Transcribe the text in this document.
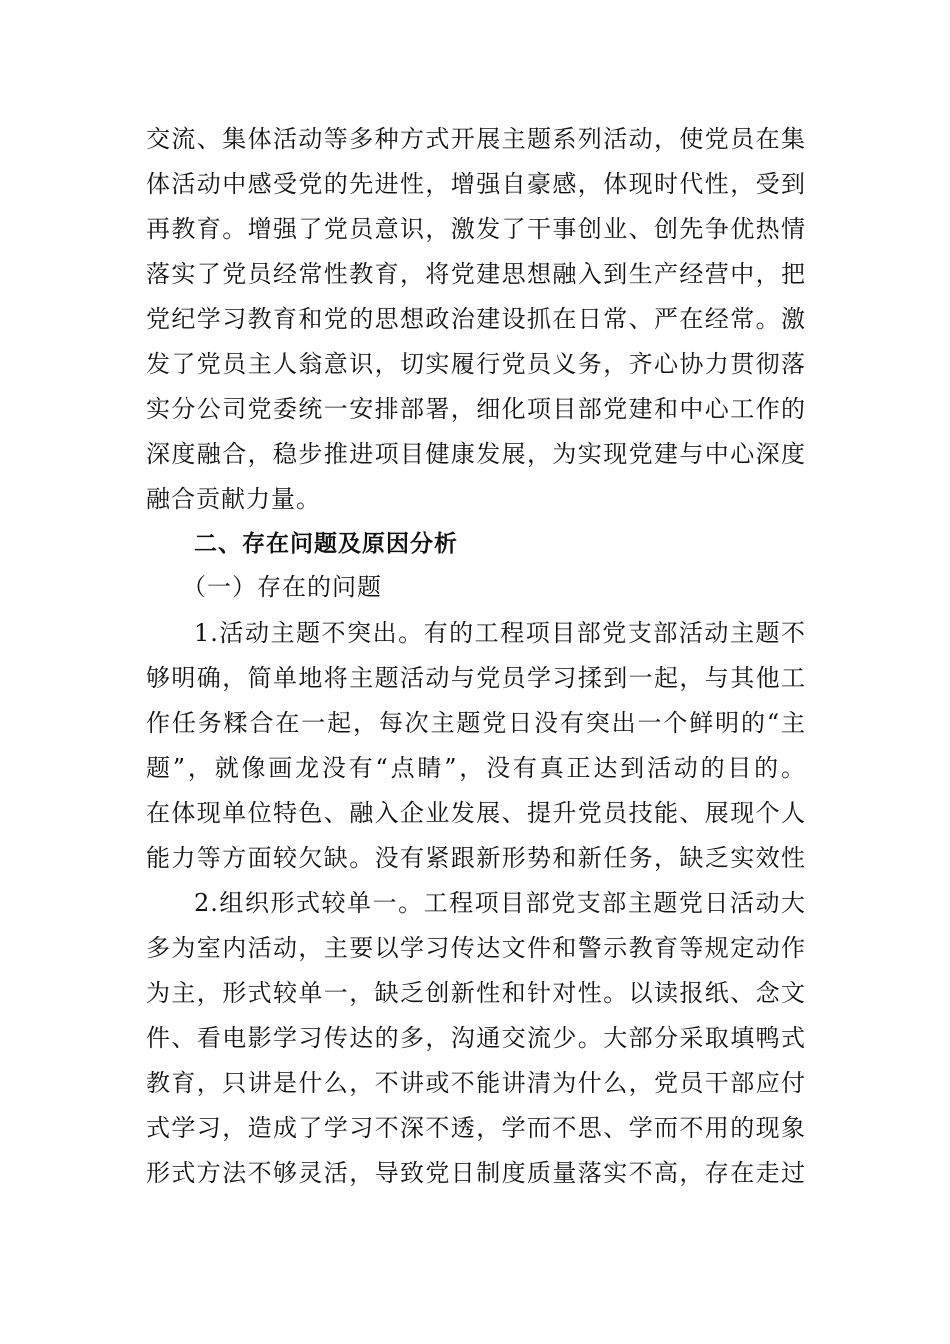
交流、集体活动等多种方式开展主题系列活动，使党员在集
体活动中感受党的先进性，增强自豪感，体现时代性，受到
再教育。增强了党员意识，激发了干事创业、创先争优热情
落实了党员经常性教育，将党建思想融入到生产经营中，把
党纪学习教育和党的思想政治建设抓在日常、严在经常。激
发了党员主人翁意识，切实履行党员义务，齐心协力贯彻落
实分公司党委统一安排部署，细化项目部党建和中心工作的
深度融合，稳步推进项目健康发展，为实现党建与中心深度
融合贡献力量。
二、存在问题及原因分析
（一）存在的问题
1.活动主题不突出。有的工程项目部党支部活动主题不
够明确，简单地将主题活动与党员学习揉到一起，与其他工
作任务糅合在一起，每次主题党日没有突出一个鲜明的“主
题”，就像画龙没有“点睛”，没有真正达到活动的目的。
在体现单位特色、融入企业发展、提升党员技能、展现个人
能力等方面较欠缺。没有紧跟新形势和新任务，缺乏实效性
2.组织形式较单一。工程项目部党支部主题党日活动大
多为室内活动，主要以学习传达文件和警示教育等规定动作
为主，形式较单一，缺乏创新性和针对性。以读报纸、念文
件、看电影学习传达的多，沟通交流少。大部分采取填鸭式
教育，只讲是什么，不讲或不能讲清为什么，党员干部应付
式学习，造成了学习不深不透，学而不思、学而不用的现象
形式方法不够灵活，导致党日制度质量落实不高，存在走过
